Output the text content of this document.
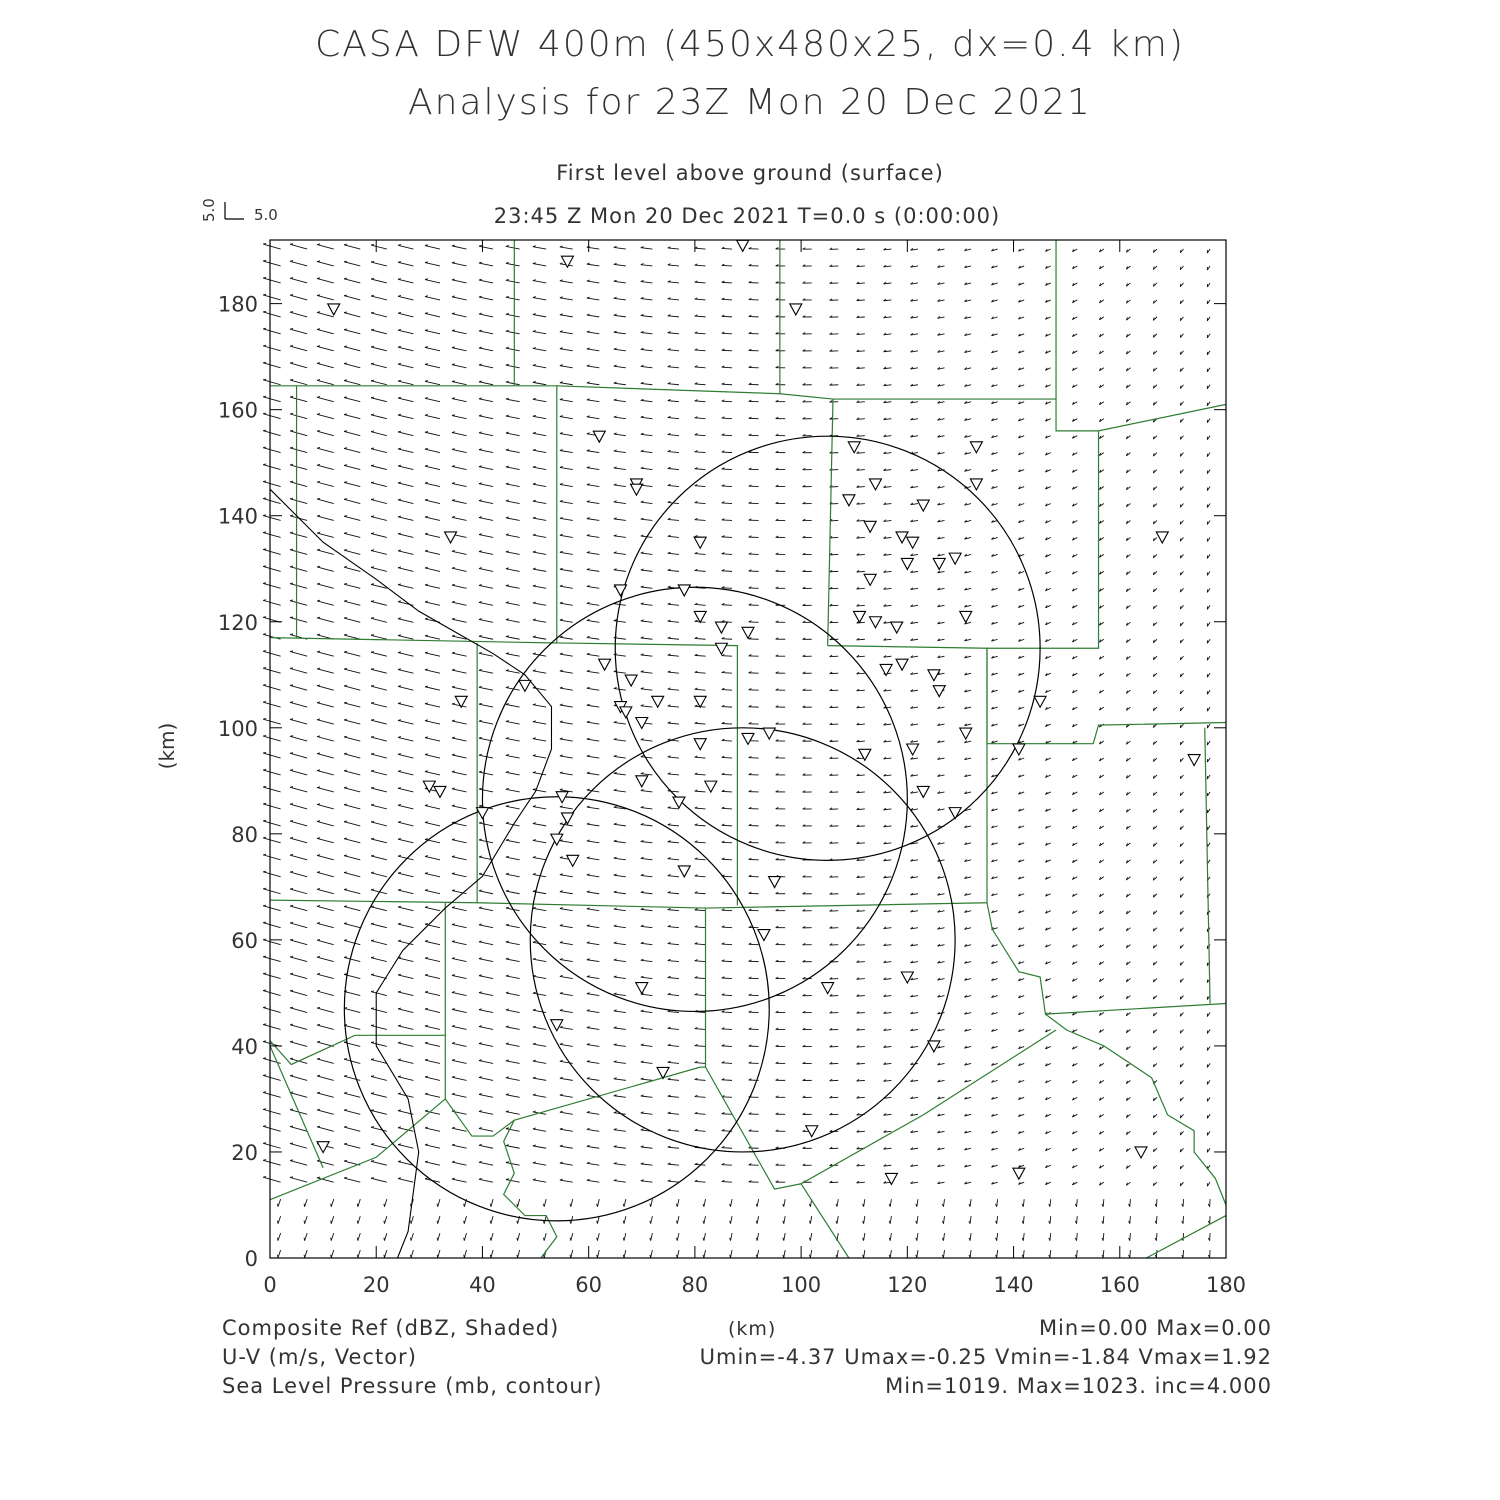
CASA DFW 400m (450x480x25, dx=0.4 km)
Analysis for 23Z Mon 20 Dec 2021
First level above ground (surface)
23:45 Z Mon 20 Dec 2021 T=0.0 s (0:00:00)
0	20	40	60	80	100	120	140	160	180
0
20
40
60
80
100
120
140
160
180
5.0
5.0
(km)
Composite Ref (dBZ, Shaded)
U-V (m/s, Vector)
Sea Level Pressure (mb, contour)
(km)	Min=0.00 Max=0.00
Umin=-4.37 Umax=-0.25 Vmin=-1.84 Vmax=1.92
Min=1019. Max=1023. inc=4.000
